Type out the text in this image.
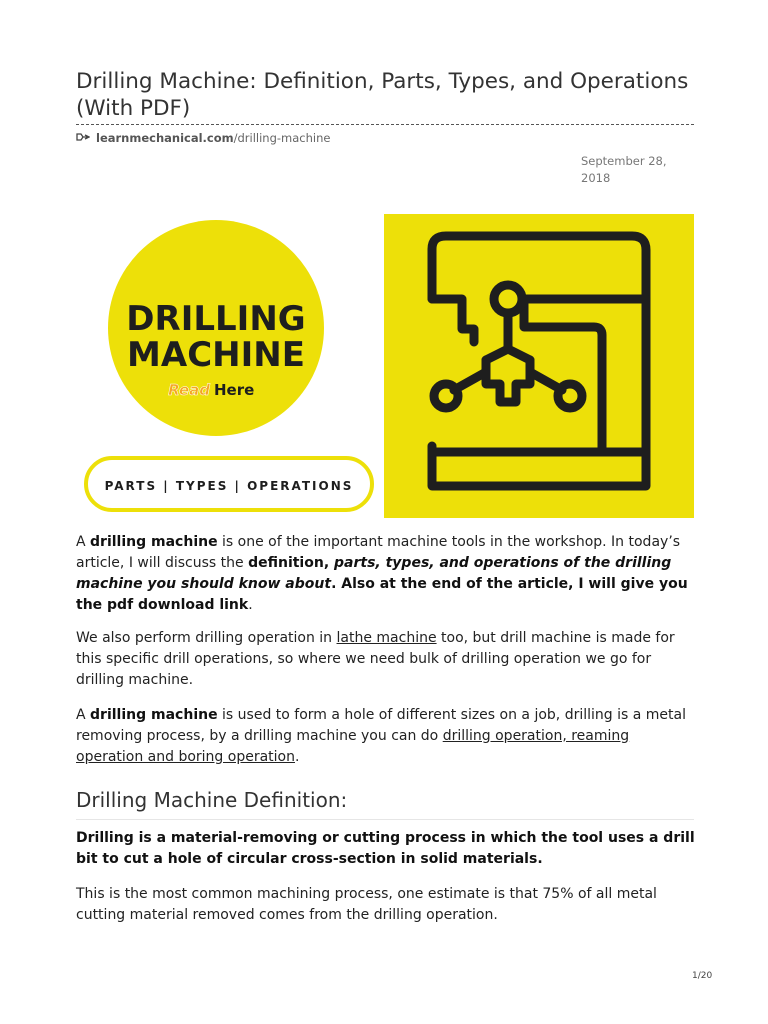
Drilling Machine: Definition, Parts, Types, and Operations (With PDF)
learnmechanical.com /drilling-machine
September 28, 2018
DRILLING
MACHINE
Read Here
PARTS | TYPES | OPERATIONS

A drilling machine is one of the important machine tools in the workshop. In today’s article, I will discuss the definition, parts, types, and operations of the drilling machine you should know about. Also at the end of the article, I will give you the pdf download link.

We also perform drilling operation in lathe machine too, but drill machine is made for this specific drill operations, so where we need bulk of drilling operation we go for drilling machine.

A drilling machine is used to form a hole of different sizes on a job, drilling is a metal removing process, by a drilling machine you can do drilling operation, reaming operation and boring operation.

Drilling Machine Definition:

Drilling is a material-removing or cutting process in which the tool uses a drill bit to cut a hole of circular cross-section in solid materials.

This is the most common machining process, one estimate is that 75% of all metal cutting material removed comes from the drilling operation.

1/20
